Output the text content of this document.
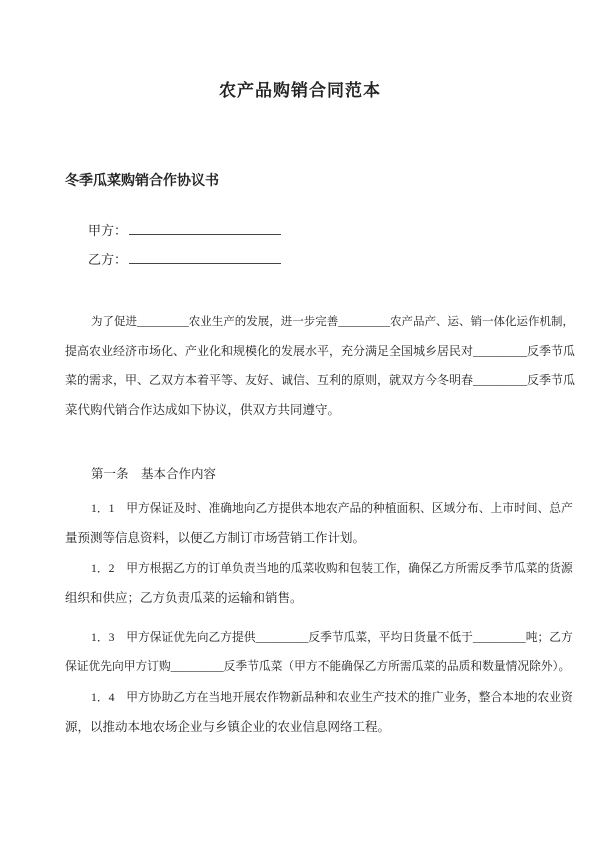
农产品购销合同范本
冬季瓜菜购销合作协议书
甲方：
乙方：
为了促进_________农业生产的发展，进一步完善_________农产品产、运、销一体化运作机制，
提高农业经济市场化、产业化和规模化的发展水平，充分满足全国城乡居民对_________反季节瓜
菜的需求，甲、乙双方本着平等、友好、诚信、互利的原则，就双方今冬明春_________反季节瓜
菜代购代销合作达成如下协议，供双方共同遵守。
第一条　基本合作内容
1．1　甲方保证及时、准确地向乙方提供本地农产品的种植面积、区域分布、上市时间、总产
量预测等信息资料，以便乙方制订市场营销工作计划。
1．2　甲方根据乙方的订单负责当地的瓜菜收购和包装工作，确保乙方所需反季节瓜菜的货源
组织和供应；乙方负责瓜菜的运输和销售。
1．3　甲方保证优先向乙方提供_________反季节瓜菜，平均日货量不低于_________吨；乙方
保证优先向甲方订购_________反季节瓜菜（甲方不能确保乙方所需瓜菜的品质和数量情况除外）。
1．4　甲方协助乙方在当地开展农作物新品种和农业生产技术的推广业务，整合本地的农业资
源，以推动本地农场企业与乡镇企业的农业信息网络工程。
